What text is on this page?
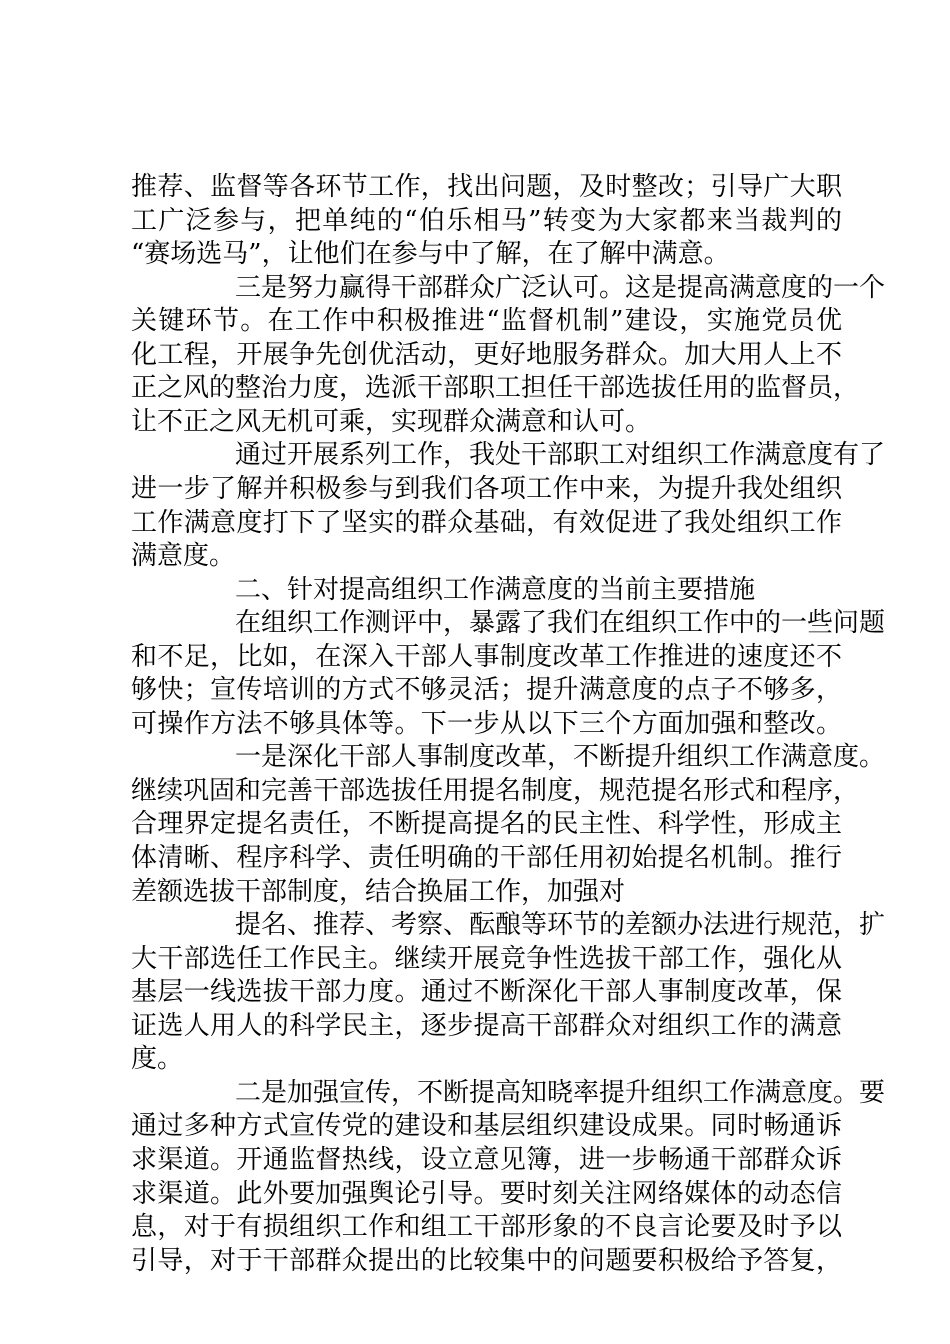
推荐、监督等各环节工作，找出问题，及时整改；引导广大职
工广泛参与，把单纯的“伯乐相马”转变为大家都来当裁判的
“赛场选马”，让他们在参与中了解，在了解中满意。
三是努力赢得干部群众广泛认可。这是提高满意度的一个
关键环节。在工作中积极推进“监督机制”建设，实施党员优
化工程，开展争先创优活动，更好地服务群众。加大用人上不
正之风的整治力度，选派干部职工担任干部选拔任用的监督员，
让不正之风无机可乘，实现群众满意和认可。
通过开展系列工作，我处干部职工对组织工作满意度有了
进一步了解并积极参与到我们各项工作中来，为提升我处组织
工作满意度打下了坚实的群众基础，有效促进了我处组织工作
满意度。
二、针对提高组织工作满意度的当前主要措施
在组织工作测评中，暴露了我们在组织工作中的一些问题
和不足，比如，在深入干部人事制度改革工作推进的速度还不
够快；宣传培训的方式不够灵活；提升满意度的点子不够多，
可操作方法不够具体等。下一步从以下三个方面加强和整改。
一是深化干部人事制度改革，不断提升组织工作满意度。
继续巩固和完善干部选拔任用提名制度，规范提名形式和程序，
合理界定提名责任，不断提高提名的民主性、科学性，形成主
体清晰、程序科学、责任明确的干部任用初始提名机制。推行
差额选拔干部制度，结合换届工作，加强对
提名、推荐、考察、酝酿等环节的差额办法进行规范，扩
大干部选任工作民主。继续开展竞争性选拔干部工作，强化从
基层一线选拔干部力度。通过不断深化干部人事制度改革，保
证选人用人的科学民主，逐步提高干部群众对组织工作的满意
度。
二是加强宣传，不断提高知晓率提升组织工作满意度。要
通过多种方式宣传党的建设和基层组织建设成果。同时畅通诉
求渠道。开通监督热线，设立意见簿，进一步畅通干部群众诉
求渠道。此外要加强舆论引导。要时刻关注网络媒体的动态信
息，对于有损组织工作和组工干部形象的不良言论要及时予以
引导，对于干部群众提出的比较集中的问题要积极给予答复，
